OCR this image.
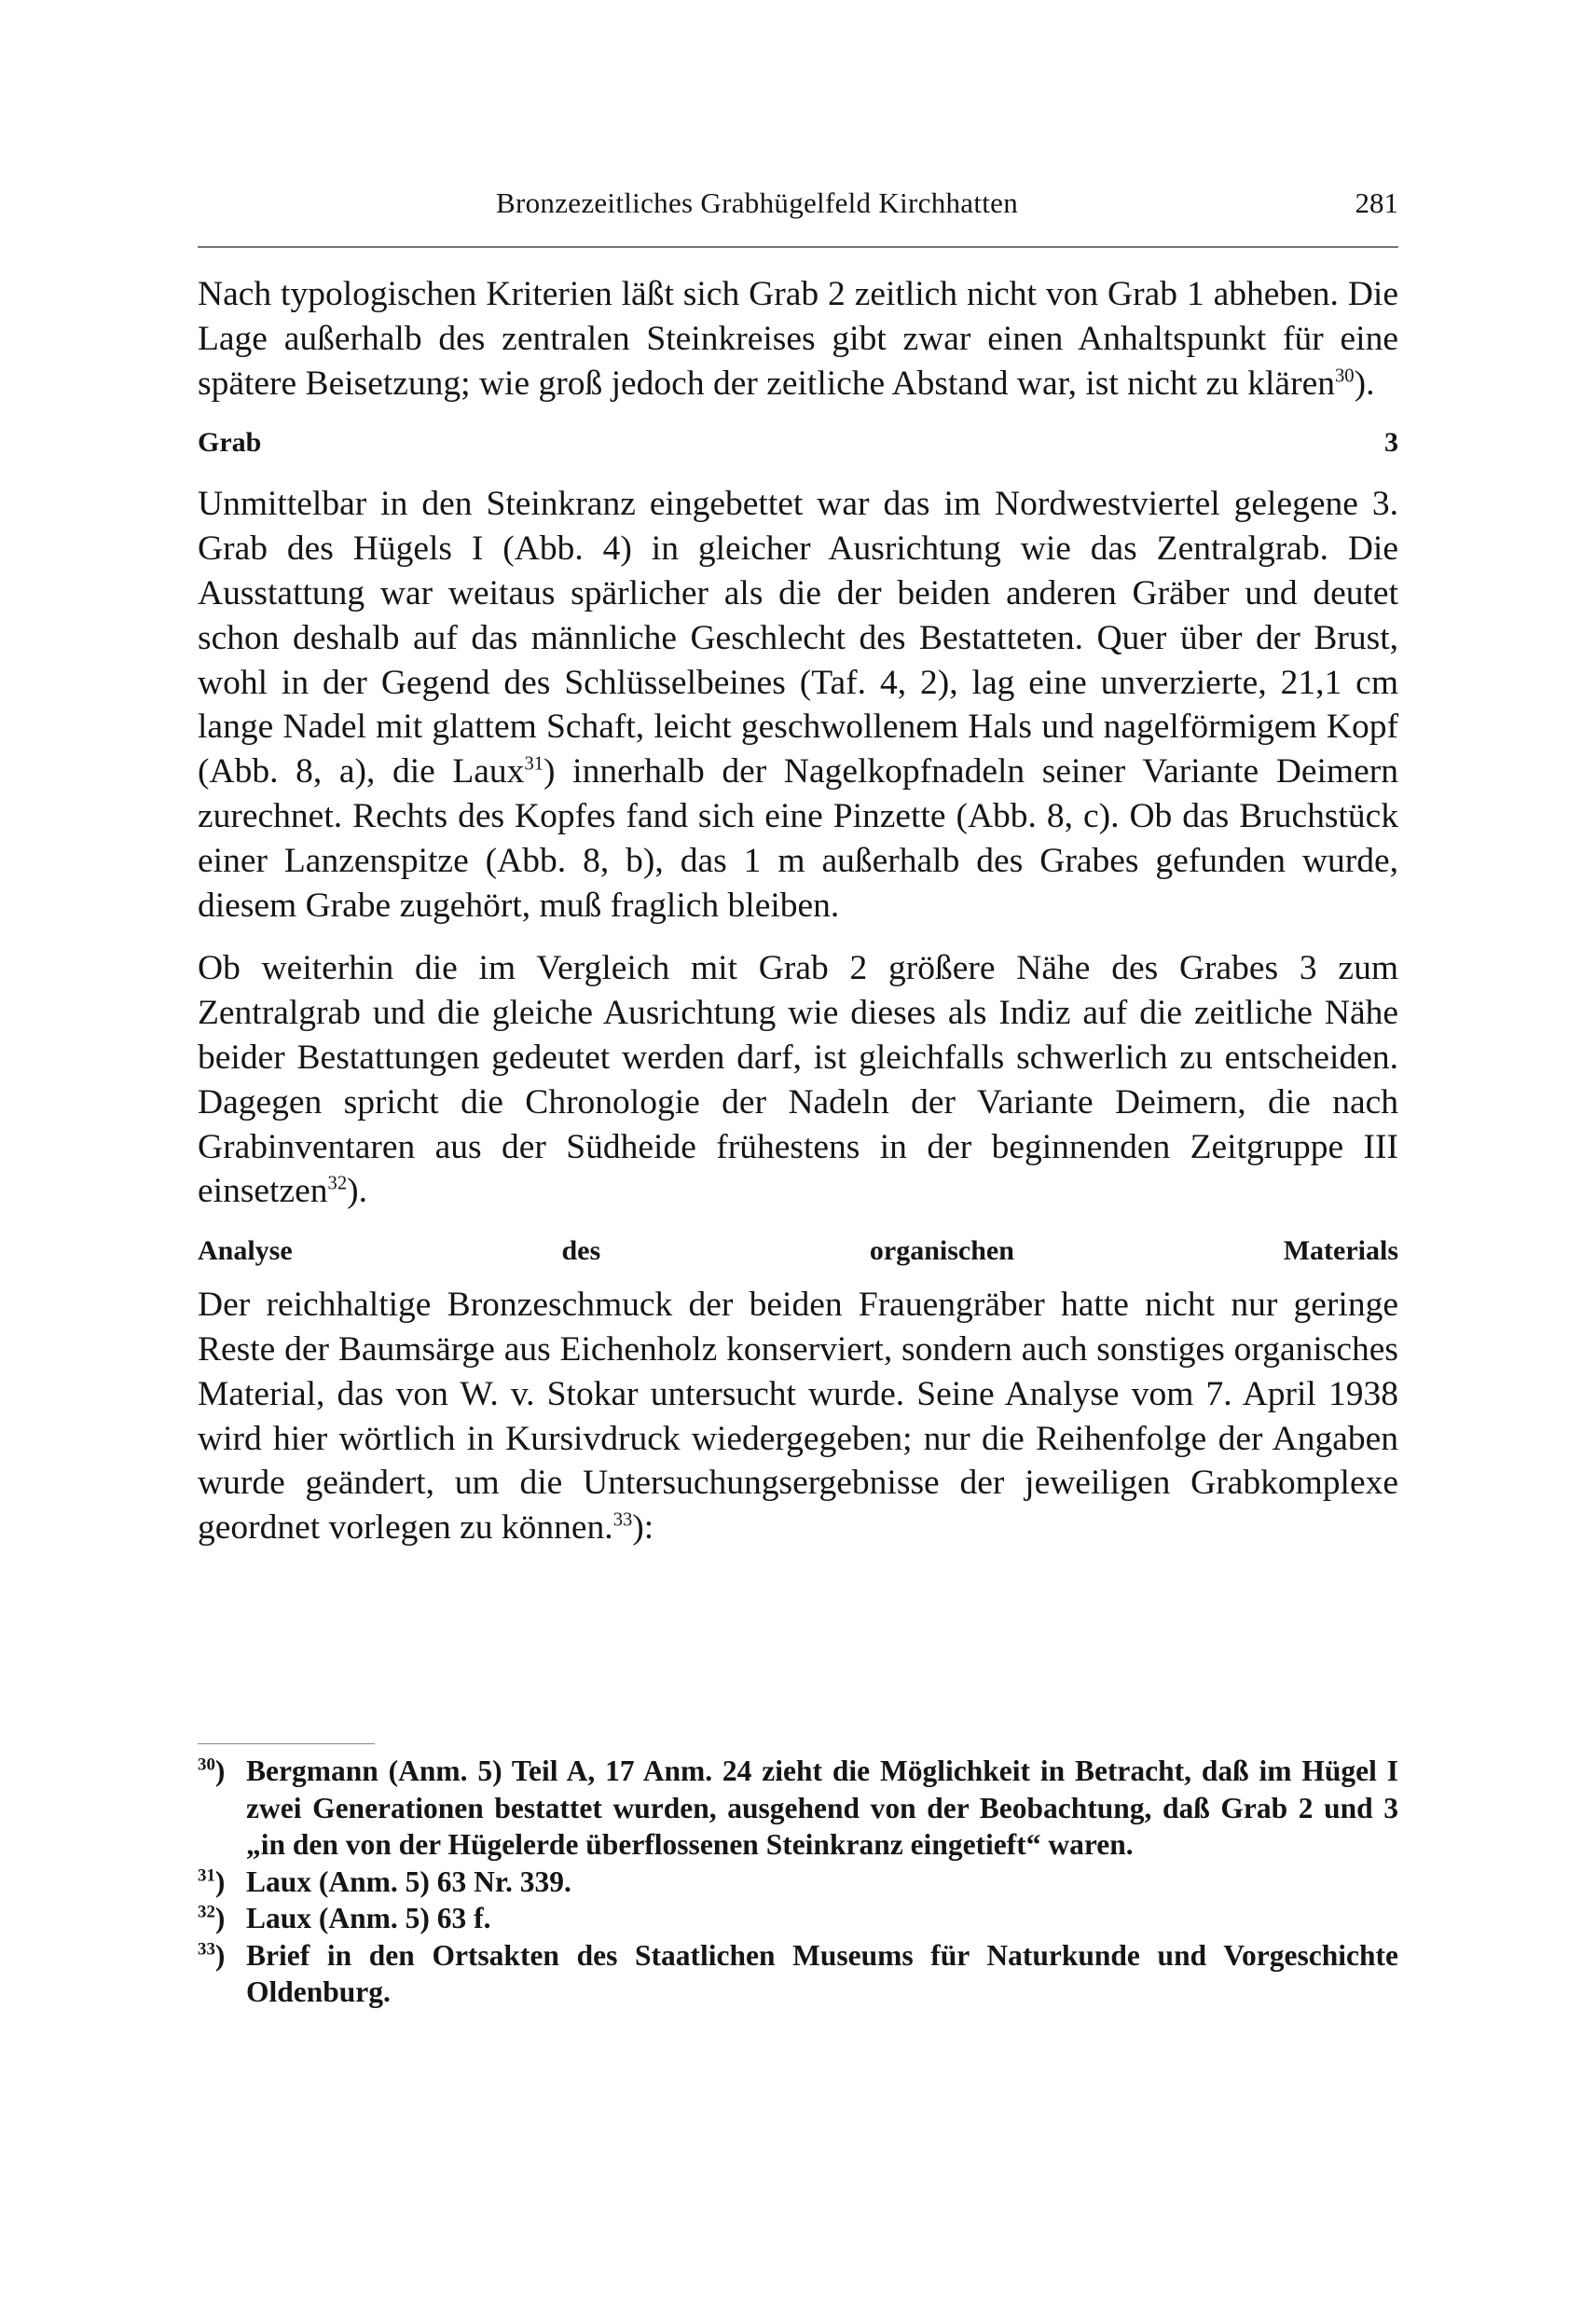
Bronzezeitliches Grabhügelfeld Kirchhatten	281

Nach typologischen Kriterien läßt sich Grab 2 zeitlich nicht von Grab 1 abheben. Die Lage außerhalb des zentralen Steinkreises gibt zwar einen Anhaltspunkt für eine spätere Beisetzung; wie groß jedoch der zeitliche Abstand war, ist nicht zu klären$^{30}$).

Grab 3

Unmittelbar in den Steinkranz eingebettet war das im Nordwestviertel gelegene 3. Grab des Hügels I (Abb. 4) in gleicher Ausrichtung wie das Zentralgrab. Die Ausstattung war weitaus spärlicher als die der beiden anderen Gräber und deutet schon deshalb auf das männliche Geschlecht des Bestatteten. Quer über der Brust, wohl in der Gegend des Schlüsselbeines (Taf. 4, 2), lag eine unverzierte, 21,1 cm lange Nadel mit glattem Schaft, leicht geschwollenem Hals und nagelförmigem Kopf (Abb. 8, a), die Laux$^{31}$) innerhalb der Nagelkopfnadeln seiner Variante Deimern zurechnet. Rechts des Kopfes fand sich eine Pinzette (Abb. 8, c). Ob das Bruchstück einer Lanzenspitze (Abb. 8, b), das 1 m außerhalb des Grabes gefunden wurde, diesem Grabe zugehört, muß fraglich bleiben.

Ob weiterhin die im Vergleich mit Grab 2 größere Nähe des Grabes 3 zum Zentralgrab und die gleiche Ausrichtung wie dieses als Indiz auf die zeitliche Nähe beider Bestattungen gedeutet werden darf, ist gleichfalls schwerlich zu entscheiden. Dagegen spricht die Chronologie der Nadeln der Variante Deimern, die nach Grabinventaren aus der Südheide frühestens in der beginnenden Zeitgruppe III einsetzen$^{32}$).

Analyse des organischen Materials

Der reichhaltige Bronzeschmuck der beiden Frauengräber hatte nicht nur geringe Reste der Baumsärge aus Eichenholz konserviert, sondern auch sonstiges organisches Material, das von W. v. Stokar untersucht wurde. Seine Analyse vom 7. April 1938 wird hier wörtlich in Kursivdruck wiedergegeben; nur die Reihenfolge der Angaben wurde geändert, um die Untersuchungsergebnisse der jeweiligen Grabkomplexe geordnet vorlegen zu können.$^{33}$):

$^{30}$) Bergmann (Anm. 5) Teil A, 17 Anm. 24 zieht die Möglichkeit in Betracht, daß im Hügel I zwei Generationen bestattet wurden, ausgehend von der Beobachtung, daß Grab 2 und 3 „in den von der Hügelerde überflossenen Steinkranz eingetieft“ waren.
$^{31}$) Laux (Anm. 5) 63 Nr. 339.
$^{32}$) Laux (Anm. 5) 63 f.
$^{33}$) Brief in den Ortsakten des Staatlichen Museums für Naturkunde und Vorgeschichte Oldenburg.
